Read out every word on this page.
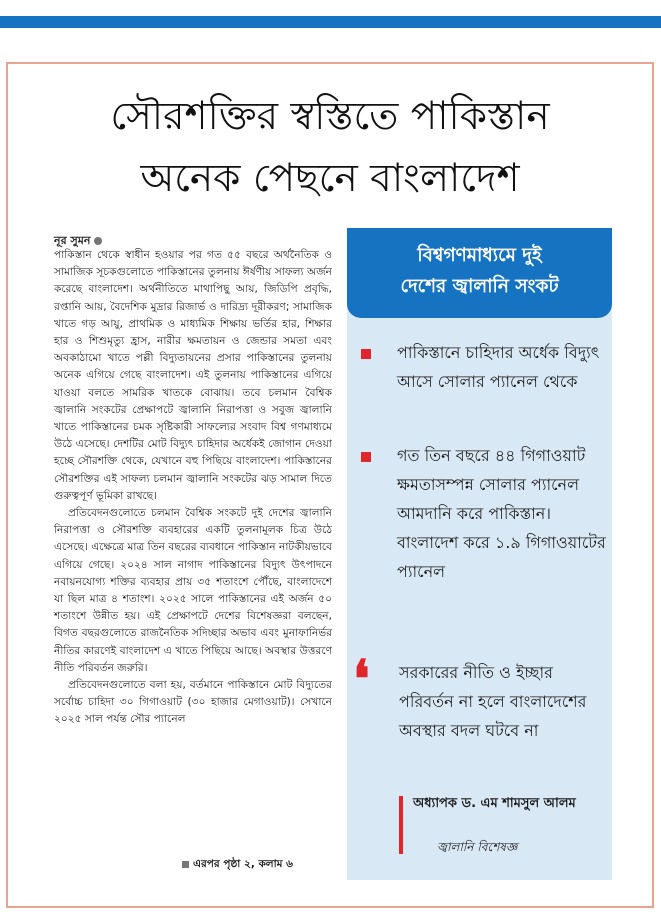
সৌরশক্তির স্বস্তিতে পাকিস্তান
অনেক পেছনে বাংলাদেশ
নূর সুমন

পাকিস্তান থেকে স্বাধীন হওয়ার পর গত ৫৫ বছরে অর্থনৈতিক ও সামাজিক সূচকগুলোতে পাকিস্তানের তুলনায় ঈর্ষণীয় সাফল্য অর্জন করেছে বাংলাদেশ। অর্থনীতিতে মাথাপিছু আয়, জিডিপি প্রবৃদ্ধি, রপ্তানি আয়, বৈদেশিক মুদ্রার রিজার্ভ ও দারিদ্র্য দূরীকরণ; সামাজিক খাতে গড় আয়ু, প্রাথমিক ও মাধ্যমিক শিক্ষায় ভর্তির হার, শিক্ষার হার ও শিশুমৃত্যু হ্রাস, নারীর ক্ষমতায়ন ও জেন্ডার সমতা এবং অবকাঠামো খাতে পল্লী বিদ্যুতায়নের প্রসার পাকিস্তানের তুলনায় অনেক এগিয়ে গেছে বাংলাদেশ। এই তুলনায় পাকিস্তানের এগিয়ে যাওয়া বলতে সামরিক খাতকে বোঝায়। তবে চলমান বৈশ্বিক জ্বালানি সংকটের প্রেক্ষাপটে জ্বালানি নিরাপত্তা ও সবুজ জ্বালানি খাতে পাকিস্তানের চমক সৃষ্টিকারী সাফল্যের সংবাদ বিশ্ব গণমাধ্যমে উঠে এসেছে। দেশটির মোট বিদ্যুৎ চাহিদার অর্ধেকই জোগান দেওয়া হচ্ছে সৌরশক্তি থেকে, যেখানে বহু পিছিয়ে বাংলাদেশ। পাকিস্তানের সৌরশক্তির এই সাফল্য চলমান জ্বালানি সংকটের ঝড় সামাল দিতে গুরুত্বপূর্ণ ভূমিকা রাখছে।

প্রতিবেদনগুলোতে চলমান বৈশ্বিক সংকটে দুই দেশের জ্বালানি নিরাপত্তা ও সৌরশক্তি ব্যবহারের একটি তুলনামূলক চিত্র উঠে এসেছে। এক্ষেত্রে মাত্র তিন বছরের ব্যবধানে পাকিস্তান নাটকীয়ভাবে এগিয়ে গেছে। ২০২৪ সাল নাগাদ পাকিস্তানের বিদ্যুৎ উৎপাদনে নবায়নযোগ্য শক্তির ব্যবহার প্রায় ৩৫ শতাংশে পৌঁছে, বাংলাদেশে যা ছিল মাত্র ৪ শতাংশ। ২০২৫ সালে পাকিস্তানের এই অর্জন ৫০ শতাংশে উন্নীত হয়। এই প্রেক্ষাপটে দেশের বিশেষজ্ঞরা বলছেন, বিগত বছরগুলোতে রাজনৈতিক সদিচ্ছার অভাব এবং মুনাফানির্ভর নীতির কারণেই বাংলাদেশ এ খাতে পিছিয়ে আছে। অবস্থার উত্তরণে নীতি পরিবর্তন জরুরি।

প্রতিবেদনগুলোতে বলা হয়, বর্তমানে পাকিস্তানে মোট বিদ্যুতের সর্বোচ্চ চাহিদা ৩০ গিগাওয়াট (৩০ হাজার মেগাওয়াট)। সেখানে ২০২৫ সাল পর্যন্ত সৌর প্যানেল

এরপর পৃষ্ঠা ২, কলাম ৬
বিশ্বগণমাধ্যমে দুই
দেশের জ্বালানি সংকট
পাকিস্তানে চাহিদার অর্ধেক বিদ্যুৎ আসে সোলার প্যানেল থেকে
গত তিন বছরে ৪৪ গিগাওয়াট ক্ষমতাসম্পন্ন সোলার প্যানেল আমদানি করে পাকিস্তান। বাংলাদেশ করে ১.৯ গিগাওয়াটের প্যানেল
❛	সরকারের নীতি ও ইচ্ছার পরিবর্তন না হলে বাংলাদেশের অবস্থার বদল ঘটবে না
অধ্যাপক ড. এম শামসুল আলম
জ্বালানি বিশেষজ্ঞ
